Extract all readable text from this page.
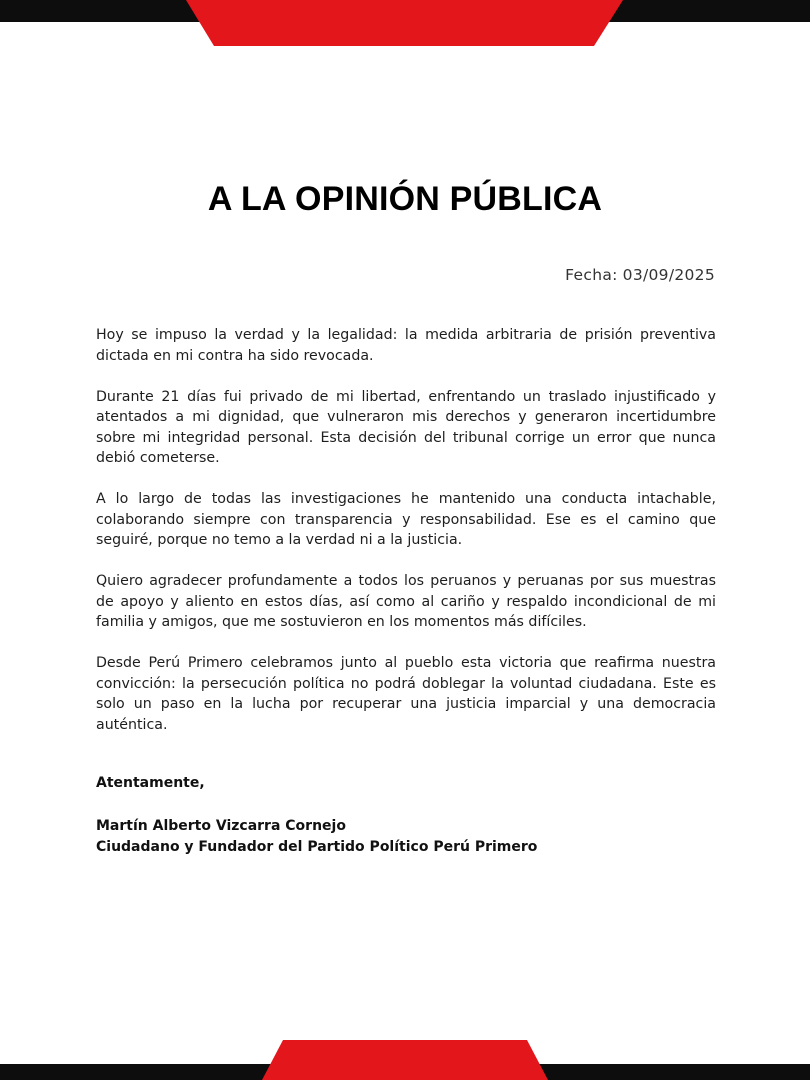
A LA OPINIÓN PÚBLICA
Fecha: 03/09/2025

Hoy se impuso la verdad y la legalidad: la medida arbitraria de prisión preventiva dictada en mi contra ha sido revocada.

Durante 21 días fui privado de mi libertad, enfrentando un traslado injustificado y atentados a mi dignidad, que vulneraron mis derechos y generaron incertidumbre sobre mi integridad personal. Esta decisión del tribunal corrige un error que nunca debió cometerse.

A lo largo de todas las investigaciones he mantenido una conducta intachable, colaborando siempre con transparencia y responsabilidad. Ese es el camino que seguiré, porque no temo a la verdad ni a la justicia.

Quiero agradecer profundamente a todos los peruanos y peruanas por sus muestras de apoyo y aliento en estos días, así como al cariño y respaldo incondicional de mi familia y amigos, que me sostuvieron en los momentos más difíciles.

Desde Perú Primero celebramos junto al pueblo esta victoria que reafirma nuestra convicción: la persecución política no podrá doblegar la voluntad ciudadana. Este es solo un paso en la lucha por recuperar una justicia imparcial y una democracia auténtica.

Atentamente,
Martín Alberto Vizcarra Cornejo
Ciudadano y Fundador del Partido Político Perú Primero
